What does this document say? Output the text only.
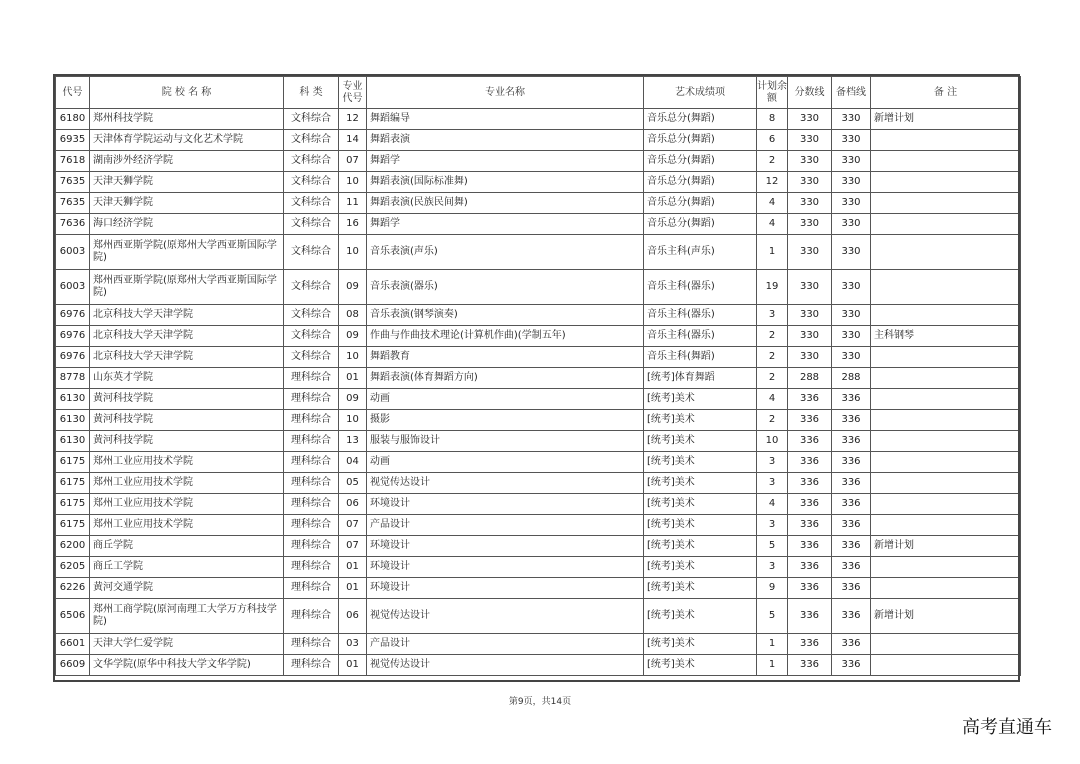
代号	院 校 名 称	科 类	专业代号	专业名称	艺术成绩项	计划余额	分数线	备档线	备 注
6180	郑州科技学院	文科综合	12	舞蹈编导	音乐总分(舞蹈)	8	330	330	新增计划
6935	天津体育学院运动与文化艺术学院	文科综合	14	舞蹈表演	音乐总分(舞蹈)	6	330	330	
7618	湖南涉外经济学院	文科综合	07	舞蹈学	音乐总分(舞蹈)	2	330	330	
7635	天津天狮学院	文科综合	10	舞蹈表演(国际标准舞)	音乐总分(舞蹈)	12	330	330	
7635	天津天狮学院	文科综合	11	舞蹈表演(民族民间舞)	音乐总分(舞蹈)	4	330	330	
7636	海口经济学院	文科综合	16	舞蹈学	音乐总分(舞蹈)	4	330	330	
6003	郑州西亚斯学院(原郑州大学西亚斯国际学院)	文科综合	10	音乐表演(声乐)	音乐主科(声乐)	1	330	330	
6003	郑州西亚斯学院(原郑州大学西亚斯国际学院)	文科综合	09	音乐表演(器乐)	音乐主科(器乐)	19	330	330	
6976	北京科技大学天津学院	文科综合	08	音乐表演(钢琴演奏)	音乐主科(器乐)	3	330	330	
6976	北京科技大学天津学院	文科综合	09	作曲与作曲技术理论(计算机作曲)(学制五年)	音乐主科(器乐)	2	330	330	主科钢琴
6976	北京科技大学天津学院	文科综合	10	舞蹈教育	音乐主科(舞蹈)	2	330	330	
8778	山东英才学院	理科综合	01	舞蹈表演(体育舞蹈方向)	[统考]体育舞蹈	2	288	288	
6130	黄河科技学院	理科综合	09	动画	[统考]美术	4	336	336	
6130	黄河科技学院	理科综合	10	摄影	[统考]美术	2	336	336	
6130	黄河科技学院	理科综合	13	服装与服饰设计	[统考]美术	10	336	336	
6175	郑州工业应用技术学院	理科综合	04	动画	[统考]美术	3	336	336	
6175	郑州工业应用技术学院	理科综合	05	视觉传达设计	[统考]美术	3	336	336	
6175	郑州工业应用技术学院	理科综合	06	环境设计	[统考]美术	4	336	336	
6175	郑州工业应用技术学院	理科综合	07	产品设计	[统考]美术	3	336	336	
6200	商丘学院	理科综合	07	环境设计	[统考]美术	5	336	336	新增计划
6205	商丘工学院	理科综合	01	环境设计	[统考]美术	3	336	336	
6226	黄河交通学院	理科综合	01	环境设计	[统考]美术	9	336	336	
6506	郑州工商学院(原河南理工大学万方科技学院)	理科综合	06	视觉传达设计	[统考]美术	5	336	336	新增计划
6601	天津大学仁爱学院	理科综合	03	产品设计	[统考]美术	1	336	336	
6609	文华学院(原华中科技大学文华学院)	理科综合	01	视觉传达设计	[统考]美术	1	336	336	
第9页，共14页
高考直通车
